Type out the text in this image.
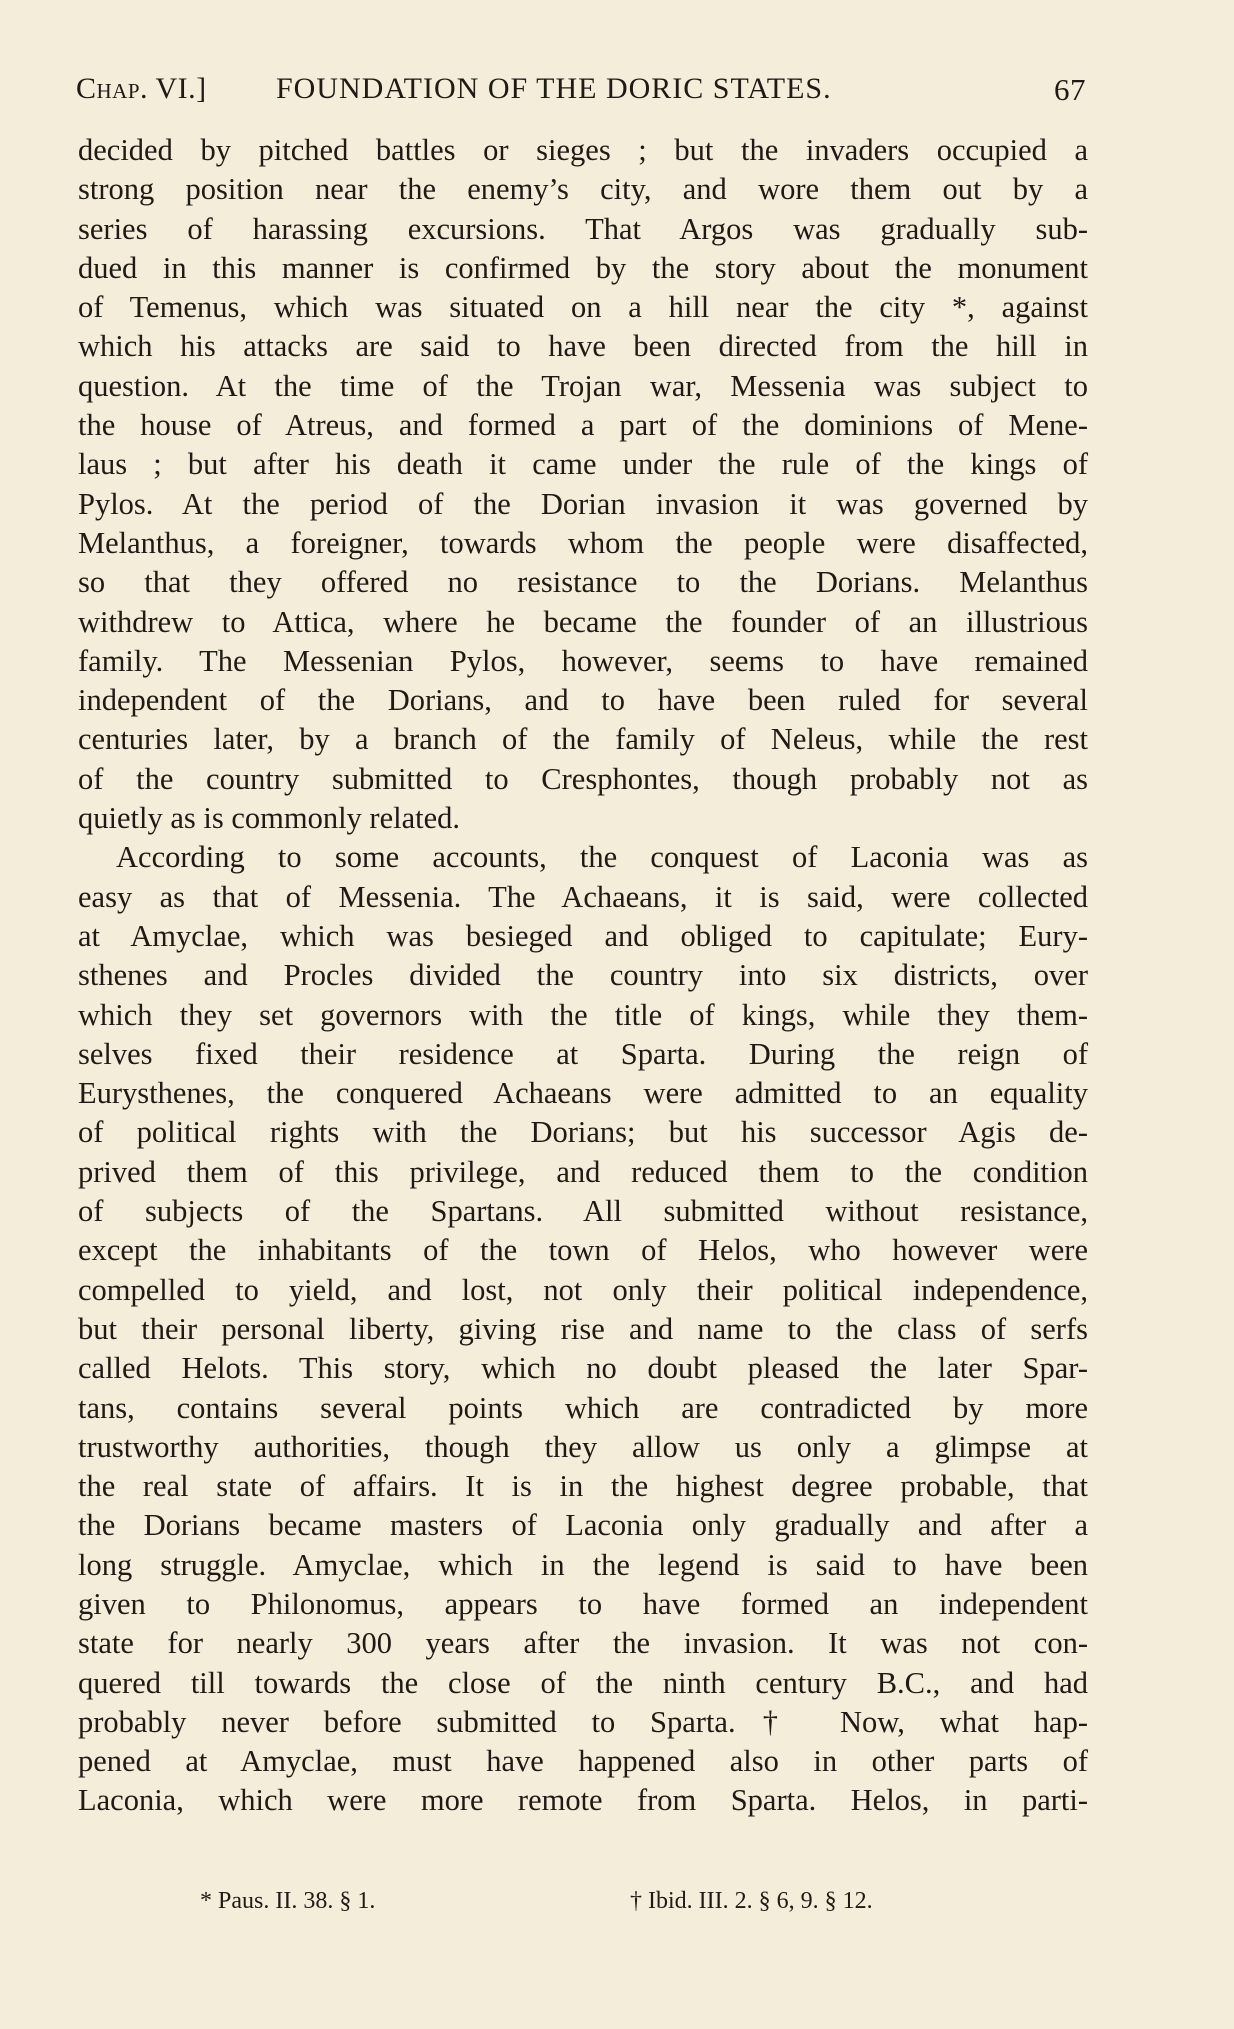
Chap. VI.] FOUNDATION OF THE DORIC STATES.	67
decided by pitched battles or sieges ; but the invaders occupied a
strong position near the enemy’s city, and wore them out by a
series of harassing excursions. That Argos was gradually sub-
dued in this manner is confirmed by the story about the monument
of Temenus, which was situated on a hill near the city *, against
which his attacks are said to have been directed from the hill in
question. At the time of the Trojan war, Messenia was subject to
the house of Atreus, and formed a part of the dominions of Mene-
laus ; but after his death it came under the rule of the kings of
Pylos. At the period of the Dorian invasion it was governed by
Melanthus, a foreigner, towards whom the people were disaffected,
so that they offered no resistance to the Dorians. Melanthus
withdrew to Attica, where he became the founder of an illustrious
family. The Messenian Pylos, however, seems to have remained
independent of the Dorians, and to have been ruled for several
centuries later, by a branch of the family of Neleus, while the rest
of the country submitted to Cresphontes, though probably not as
quietly as is commonly related.
According to some accounts, the conquest of Laconia was as
easy as that of Messenia. The Achaeans, it is said, were collected
at Amyclae, which was besieged and obliged to capitulate; Eury-
sthenes and Procles divided the country into six districts, over
which they set governors with the title of kings, while they them-
selves fixed their residence at Sparta. During the reign of
Eurysthenes, the conquered Achaeans were admitted to an equality
of political rights with the Dorians; but his successor Agis de-
prived them of this privilege, and reduced them to the condition
of subjects of the Spartans. All submitted without resistance,
except the inhabitants of the town of Helos, who however were
compelled to yield, and lost, not only their political independence,
but their personal liberty, giving rise and name to the class of serfs
called Helots. This story, which no doubt pleased the later Spar-
tans, contains several points which are contradicted by more
trustworthy authorities, though they allow us only a glimpse at
the real state of affairs. It is in the highest degree probable, that
the Dorians became masters of Laconia only gradually and after a
long struggle. Amyclae, which in the legend is said to have been
given to Philonomus, appears to have formed an independent
state for nearly 300 years after the invasion. It was not con-
quered till towards the close of the ninth century B.C., and had
probably never before submitted to Sparta.† Now, what hap-
pened at Amyclae, must have happened also in other parts of
Laconia, which were more remote from Sparta. Helos, in parti-
* Paus. II. 38. § 1.	† Ibid. III. 2. § 6, 9. § 12.
